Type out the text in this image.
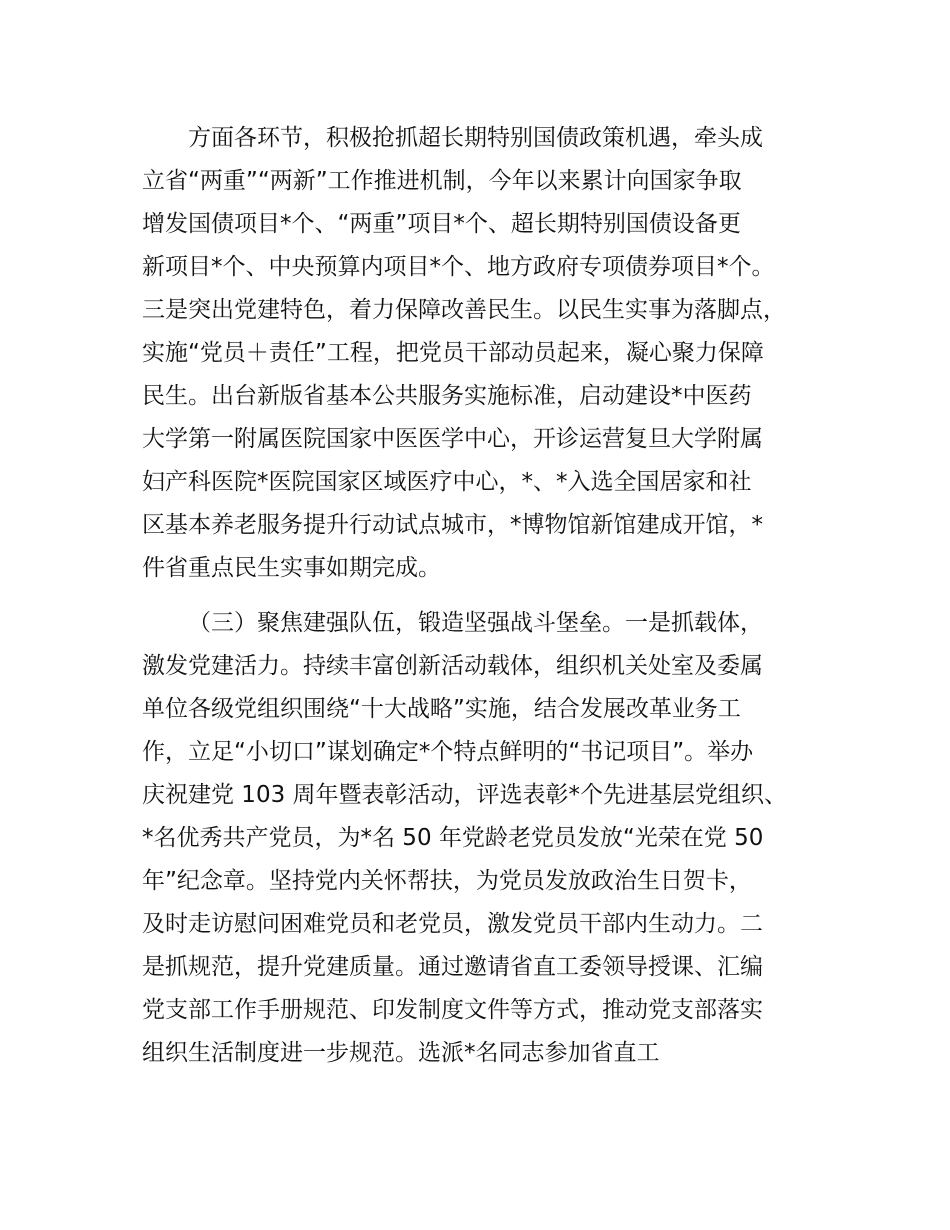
方面各环节，积极抢抓超长期特别国债政策机遇，牵头成
立省“两重”“两新”工作推进机制，今年以来累计向国家争取
增发国债项目*个、“两重”项目*个、超长期特别国债设备更
新项目*个、中央预算内项目*个、地方政府专项债券项目*个。
三是突出党建特色，着力保障改善民生。以民生实事为落脚点，
实施“党员＋责任”工程，把党员干部动员起来，凝心聚力保障
民生。出台新版省基本公共服务实施标准，启动建设*中医药
大学第一附属医院国家中医医学中心，开诊运营复旦大学附属
妇产科医院*医院国家区域医疗中心，*、*入选全国居家和社
区基本养老服务提升行动试点城市，*博物馆新馆建成开馆，*
件省重点民生实事如期完成。
（三）聚焦建强队伍，锻造坚强战斗堡垒。一是抓载体，
激发党建活力。持续丰富创新活动载体，组织机关处室及委属
单位各级党组织围绕“十大战略”实施，结合发展改革业务工
作，立足“小切口”谋划确定*个特点鲜明的“书记项目”。举办
庆祝建党 103 周年暨表彰活动，评选表彰*个先进基层党组织、
*名优秀共产党员，为*名 50 年党龄老党员发放“光荣在党 50
年”纪念章。坚持党内关怀帮扶，为党员发放政治生日贺卡，
及时走访慰问困难党员和老党员，激发党员干部内生动力。二
是抓规范，提升党建质量。通过邀请省直工委领导授课、汇编
党支部工作手册规范、印发制度文件等方式，推动党支部落实
组织生活制度进一步规范。选派*名同志参加省直工
